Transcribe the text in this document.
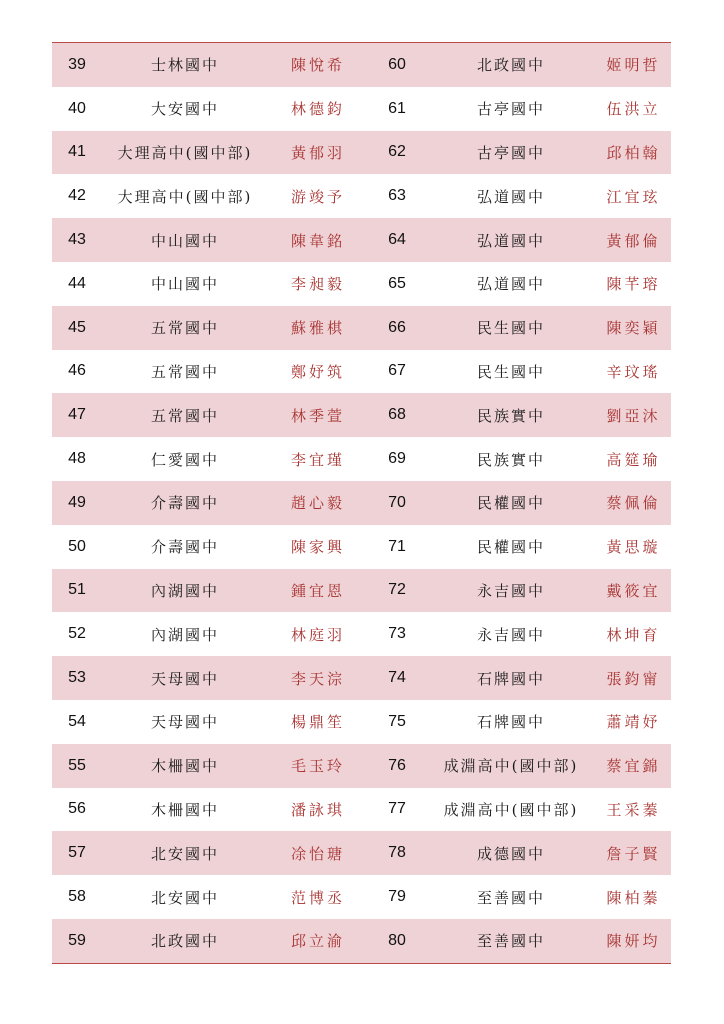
39	士林國中	陳悅希	60	北政國中	姬明哲
40	大安國中	林德鈞	61	古亭國中	伍洪立
41	大理高中(國中部)	黃郁羽	62	古亭國中	邱柏翰
42	大理高中(國中部)	游竣予	63	弘道國中	江宜玹
43	中山國中	陳韋銘	64	弘道國中	黃郁倫
44	中山國中	李昶毅	65	弘道國中	陳芊瑢
45	五常國中	蘇雅棋	66	民生國中	陳奕穎
46	五常國中	鄭妤筑	67	民生國中	辛玟瑤
47	五常國中	林季萱	68	民族實中	劉亞沐
48	仁愛國中	李宜瑾	69	民族實中	高筵瑜
49	介壽國中	趙心毅	70	民權國中	蔡佩倫
50	介壽國中	陳家興	71	民權國中	黃思璇
51	內湖國中	鍾宜恩	72	永吉國中	戴筱宜
52	內湖國中	林庭羽	73	永吉國中	林坤育
53	天母國中	李天淙	74	石牌國中	張鈞甯
54	天母國中	楊鼎笙	75	石牌國中	蕭靖妤
55	木柵國中	毛玉玲	76	成淵高中(國中部)	蔡宜錦
56	木柵國中	潘詠琪	77	成淵高中(國中部)	王采蓁
57	北安國中	凃怡瑭	78	成德國中	詹子賢
58	北安國中	范博丞	79	至善國中	陳柏蓁
59	北政國中	邱立渝	80	至善國中	陳妍均
